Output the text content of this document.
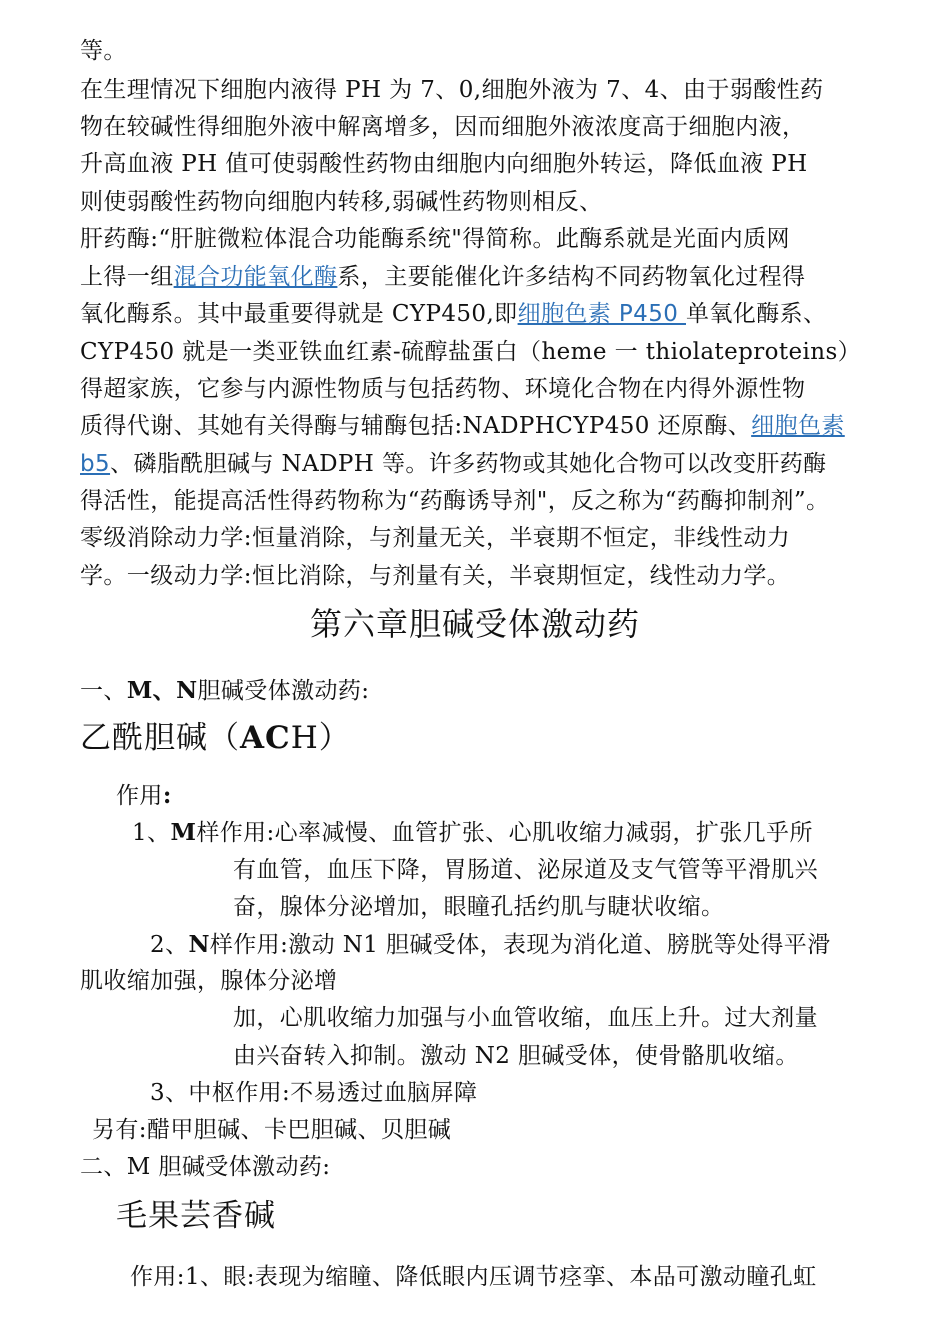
等。
在生理情况下细胞内液得 PH 为 7、0,细胞外液为 7、4、由于弱酸性药
物在较碱性得细胞外液中解离增多，因而细胞外液浓度高于细胞内液，
升高血液 PH 值可使弱酸性药物由细胞内向细胞外转运，降低血液 PH
则使弱酸性药物向细胞内转移,弱碱性药物则相反、
肝药酶:“肝脏微粒体混合功能酶系统"得简称。此酶系就是光面内质网
上得一组混合功能氧化酶系，主要能催化许多结构不同药物氧化过程得
氧化酶系。其中最重要得就是 CYP450,即细胞色素 P450 单氧化酶系、
CYP450 就是一类亚铁血红素-硫醇盐蛋白（heme 一 thiolateproteins）
得超家族，它参与内源性物质与包括药物、环境化合物在内得外源性物
质得代谢、其她有关得酶与辅酶包括:NADPHCYP450 还原酶、细胞色素
b5、磷脂酰胆碱与 NADPH 等。许多药物或其她化合物可以改变肝药酶
得活性，能提高活性得药物称为“药酶诱导剂"，反之称为“药酶抑制剂”。
零级消除动力学:恒量消除，与剂量无关，半衰期不恒定，非线性动力
学。一级动力学:恒比消除，与剂量有关，半衰期恒定，线性动力学。
第六章胆碱受体激动药
一、M、N胆碱受体激动药:
乙酰胆碱（ACH）
作用:
1、M样作用:心率减慢、血管扩张、心肌收缩力减弱，扩张几乎所
有血管，血压下降，胃肠道、泌尿道及支气管等平滑肌兴
奋，腺体分泌增加，眼瞳孔括约肌与睫状收缩。
2、N样作用:激动 N1 胆碱受体，表现为消化道、膀胱等处得平滑
肌收缩加强，腺体分泌增
加，心肌收缩力加强与小血管收缩，血压上升。过大剂量
由兴奋转入抑制。激动 N2 胆碱受体，使骨骼肌收缩。
3、中枢作用:不易透过血脑屏障
另有:醋甲胆碱、卡巴胆碱、贝胆碱
二、M 胆碱受体激动药:
毛果芸香碱
作用:1、眼:表现为缩瞳、降低眼内压调节痉挛、本品可激动瞳孔虹
